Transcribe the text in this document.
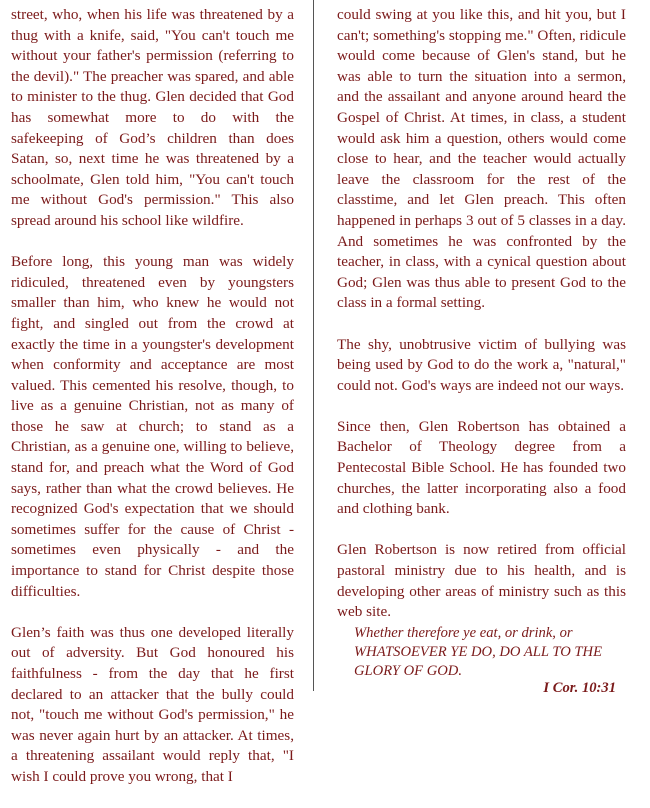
street, who, when his life was threatened by a thug with a knife, said, "You can't touch me without your father's permission (referring to the devil)." The preacher was spared, and able to minister to the thug. Glen decided that God has somewhat more to do with the safekeeping of God’s children than does Satan, so, next time he was threatened by a schoolmate, Glen told him, "You can't touch me without God's permission." This also spread around his school like wildfire.

Before long, this young man was widely ridiculed, threatened even by youngsters smaller than him, who knew he would not fight, and singled out from the crowd at exactly the time in a youngster's development when conformity and acceptance are most valued. This cemented his resolve, though, to live as a genuine Christian, not as many of those he saw at church; to stand as a Christian, as a genuine one, willing to believe, stand for, and preach what the Word of God says, rather than what the crowd believes. He recognized God's expectation that we should sometimes suffer for the cause of Christ - sometimes even physically - and the importance to stand for Christ despite those difficulties.

Glen’s faith was thus one developed literally out of adversity. But God honoured his faithfulness - from the day that he first declared to an attacker that the bully could not, "touch me without God's permission," he was never again hurt by an attacker. At times, a threatening assailant would reply that, "I wish I could prove you wrong, that I

could swing at you like this, and hit you, but I can't; something's stopping me." Often, ridicule would come because of Glen's stand, but he was able to turn the situation into a sermon, and the assailant and anyone around heard the Gospel of Christ. At times, in class, a student would ask him a question, others would come close to hear, and the teacher would actually leave the classroom for the rest of the classtime, and let Glen preach. This often happened in perhaps 3 out of 5 classes in a day. And sometimes he was confronted by the teacher, in class, with a cynical question about God; Glen was thus able to present God to the class in a formal setting.

The shy, unobtrusive victim of bullying was being used by God to do the work a, "natural," could not. God's ways are indeed not our ways.

Since then, Glen Robertson has obtained a Bachelor of Theology degree from a Pentecostal Bible School. He has founded two churches, the latter incorporating also a food and clothing bank.

Glen Robertson is now retired from official pastoral ministry due to his health, and is developing other areas of ministry such as this web site.

Whether therefore ye eat, or drink, or WHATSOEVER YE DO, DO ALL TO THE GLORY OF GOD.
I Cor. 10:31
